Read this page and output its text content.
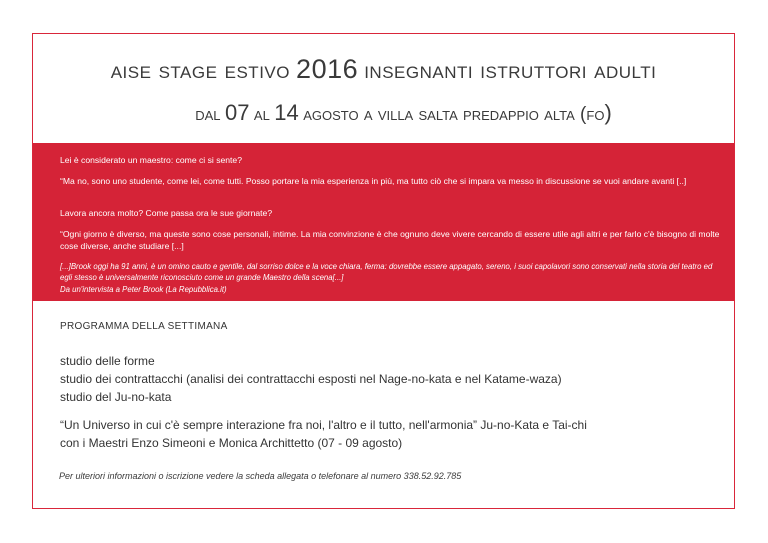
aise stage estivo 2016 insegnanti istruttori adulti
dal 07 al 14 agosto a villa salta predappio alta (fo)
Lei è considerato un maestro: come ci si sente?
“Ma no, sono uno studente, come lei, come tutti. Posso portare la mia esperienza in più, ma tutto ciò che si impara va messo in discussione se vuoi andare avanti [..]
Lavora ancora molto? Come passa ora le sue giornate?
“Ogni giorno è diverso, ma queste sono cose personali, intime. La mia convinzione è che ognuno deve vivere cercando di essere utile agli altri e per farlo c'è bisogno di molte cose diverse, anche studiare [...]
[...]Brook oggi ha 91 anni, è un omino cauto e gentile, dal sorriso dolce e la voce chiara, ferma: dovrebbe essere appagato, sereno, i suoi capolavori sono conservati nella storia del teatro ed egli stesso è universalmente riconosciuto come un grande Maestro della scena[...]
Da un'intervista a Peter Brook (La Repubblica.it)
PROGRAMMA DELLA SETTIMANA
studio delle forme
studio dei contrattacchi (analisi dei contrattacchi esposti nel Nage-no-kata e nel Katame-waza)
studio del Ju-no-kata
“Un Universo in cui c'è sempre interazione fra noi, l'altro e il tutto, nell'armonia” Ju-no-Kata e Tai-chi
con i Maestri Enzo Simeoni e Monica Archittetto (07 - 09 agosto)
Per ulteriori informazioni o iscrizione vedere la scheda allegata o telefonare al numero 338.52.92.785
